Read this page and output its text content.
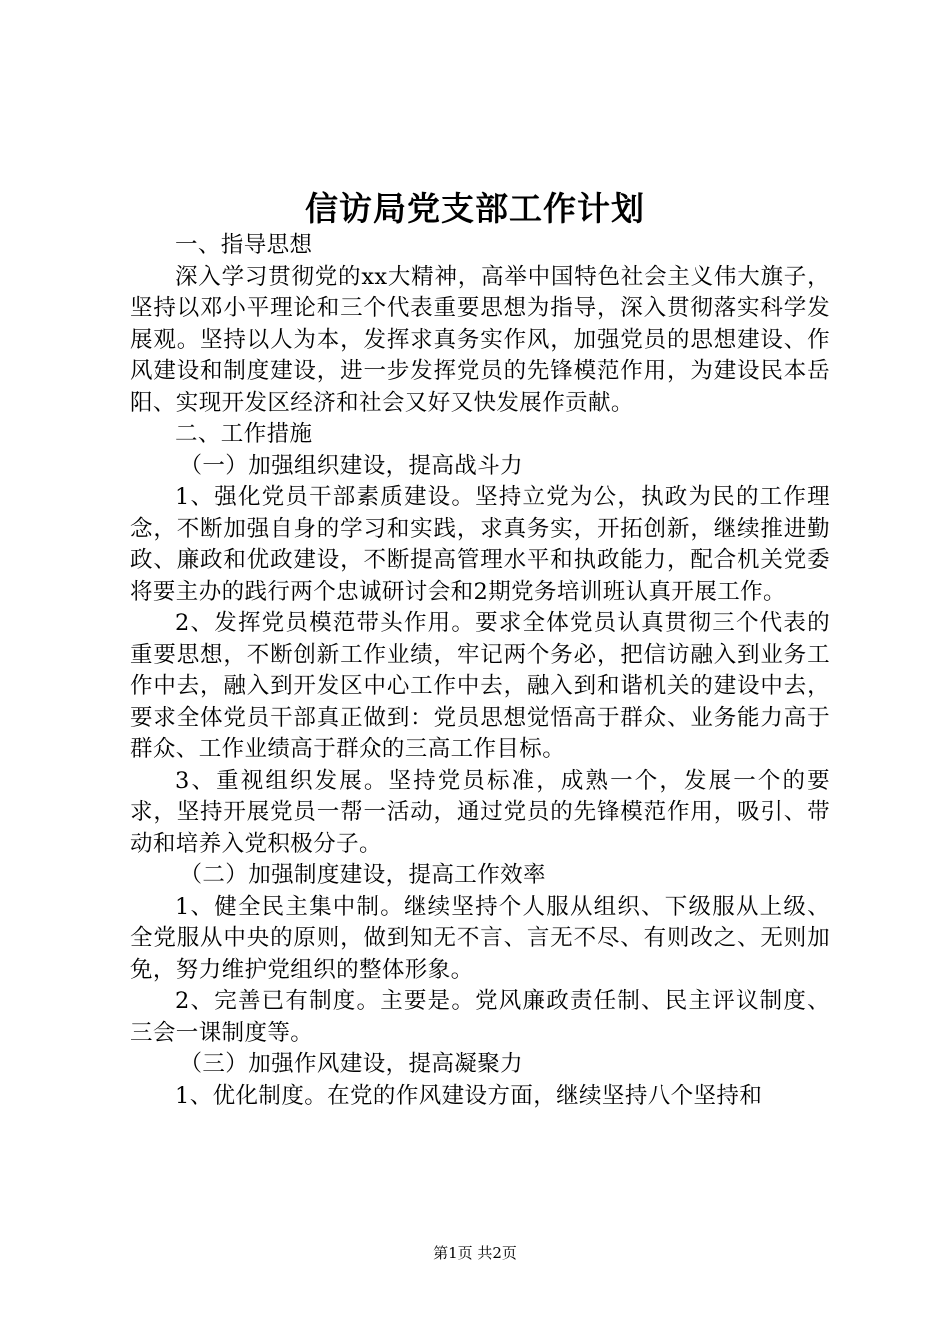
信访局党支部工作计划

一、指导思想

深入学习贯彻党的xx大精神，高举中国特色社会主义伟大旗子，坚持以邓小平理论和三个代表重要思想为指导，深入贯彻落实科学发展观。坚持以人为本，发挥求真务实作风，加强党员的思想建设、作风建设和制度建设，进一步发挥党员的先锋模范作用，为建设民本岳阳、实现开发区经济和社会又好又快发展作贡献。

二、工作措施

（一）加强组织建设，提高战斗力

1、强化党员干部素质建设。坚持立党为公，执政为民的工作理念，不断加强自身的学习和实践，求真务实，开拓创新，继续推进勤政、廉政和优政建设，不断提高管理水平和执政能力，配合机关党委将要主办的践行两个忠诚研讨会和2期党务培训班认真开展工作。

2、发挥党员模范带头作用。要求全体党员认真贯彻三个代表的重要思想，不断创新工作业绩，牢记两个务必，把信访融入到业务工作中去，融入到开发区中心工作中去，融入到和谐机关的建设中去，要求全体党员干部真正做到：党员思想觉悟高于群众、业务能力高于群众、工作业绩高于群众的三高工作目标。

3、重视组织发展。坚持党员标准，成熟一个，发展一个的要求，坚持开展党员一帮一活动，通过党员的先锋模范作用，吸引、带动和培养入党积极分子。

（二）加强制度建设，提高工作效率

1、健全民主集中制。继续坚持个人服从组织、下级服从上级、全党服从中央的原则，做到知无不言、言无不尽、有则改之、无则加免，努力维护党组织的整体形象。

2、完善已有制度。主要是。党风廉政责任制、民主评议制度、三会一课制度等。

（三）加强作风建设，提高凝聚力

1、优化制度。在党的作风建设方面，继续坚持八个坚持和

第1页 共2页
